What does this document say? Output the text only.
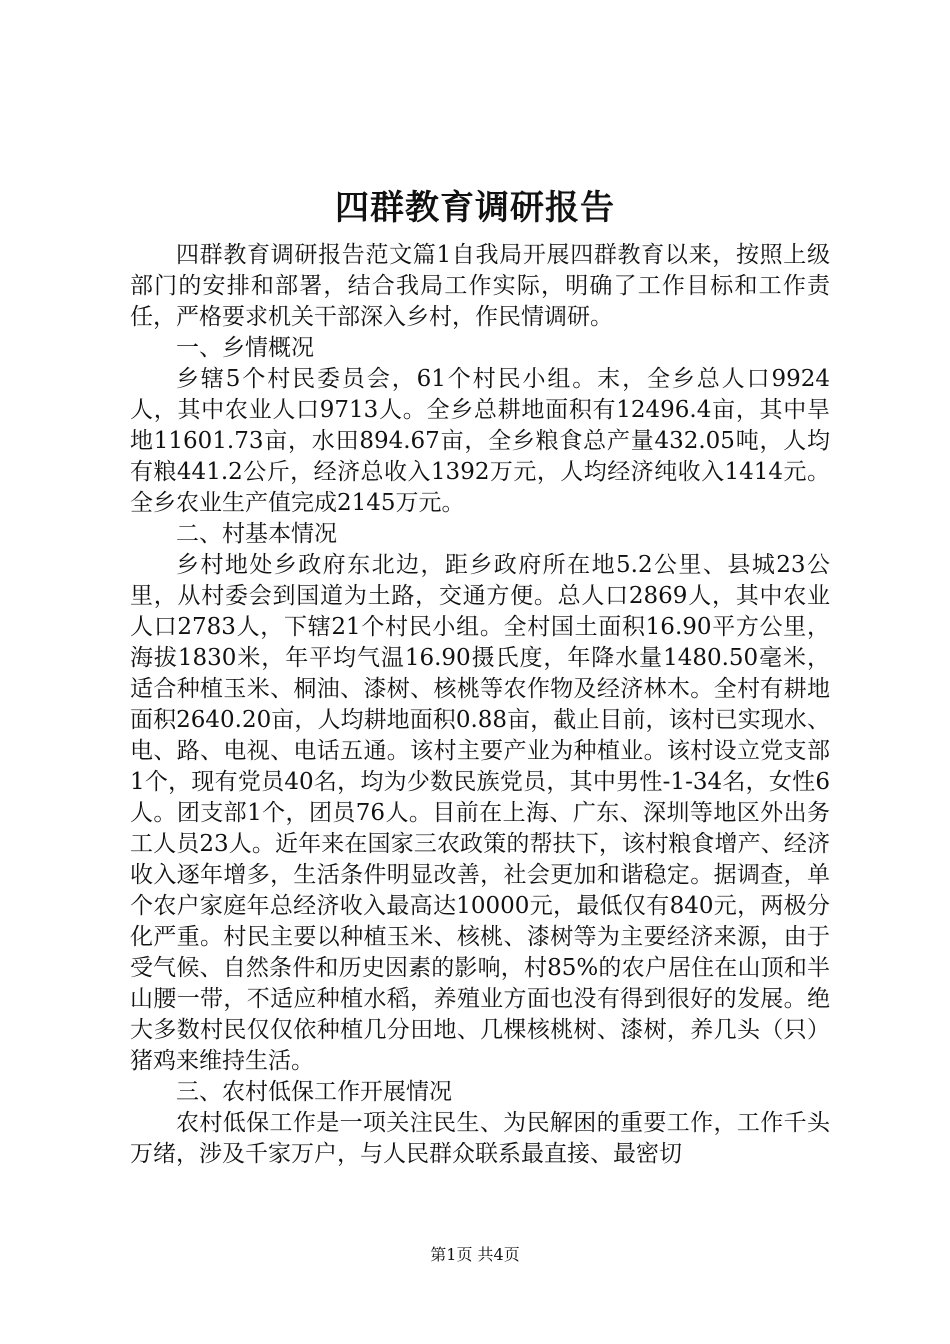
四群教育调研报告

四群教育调研报告范文篇1自我局开展四群教育以来，按照上级部门的安排和部署，结合我局工作实际，明确了工作目标和工作责任，严格要求机关干部深入乡村，作民情调研。

一、乡情概况

乡辖5个村民委员会，61个村民小组。末，全乡总人口9924人，其中农业人口9713人。全乡总耕地面积有12496.4亩，其中旱地11601.73亩，水田894.67亩，全乡粮食总产量432.05吨，人均有粮441.2公斤，经济总收入1392万元，人均经济纯收入1414元。全乡农业生产值完成2145万元。

二、村基本情况

乡村地处乡政府东北边，距乡政府所在地5.2公里、县城23公里，从村委会到国道为土路，交通方便。总人口2869人，其中农业人口2783人，下辖21个村民小组。全村国土面积16.90平方公里，海拔1830米，年平均气温16.90摄氏度，年降水量1480.50毫米，适合种植玉米、桐油、漆树、核桃等农作物及经济林木。全村有耕地面积2640.20亩，人均耕地面积0.88亩，截止目前，该村已实现水、电、路、电视、电话五通。该村主要产业为种植业。该村设立党支部1个，现有党员40名，均为少数民族党员，其中男性-1-34名，女性6人。团支部1个，团员76人。目前在上海、广东、深圳等地区外出务工人员23人。近年来在国家三农政策的帮扶下，该村粮食增产、经济收入逐年增多，生活条件明显改善，社会更加和谐稳定。据调查，单个农户家庭年总经济收入最高达10000元，最低仅有840元，两极分化严重。村民主要以种植玉米、核桃、漆树等为主要经济来源，由于受气候、自然条件和历史因素的影响，村85%的农户居住在山顶和半山腰一带，不适应种植水稻，养殖业方面也没有得到很好的发展。绝大多数村民仅仅依种植几分田地、几棵核桃树、漆树，养几头（只）猪鸡来维持生活。

三、农村低保工作开展情况

农村低保工作是一项关注民生、为民解困的重要工作，工作千头万绪，涉及千家万户，与人民群众联系最直接、最密切

第1页 共4页
